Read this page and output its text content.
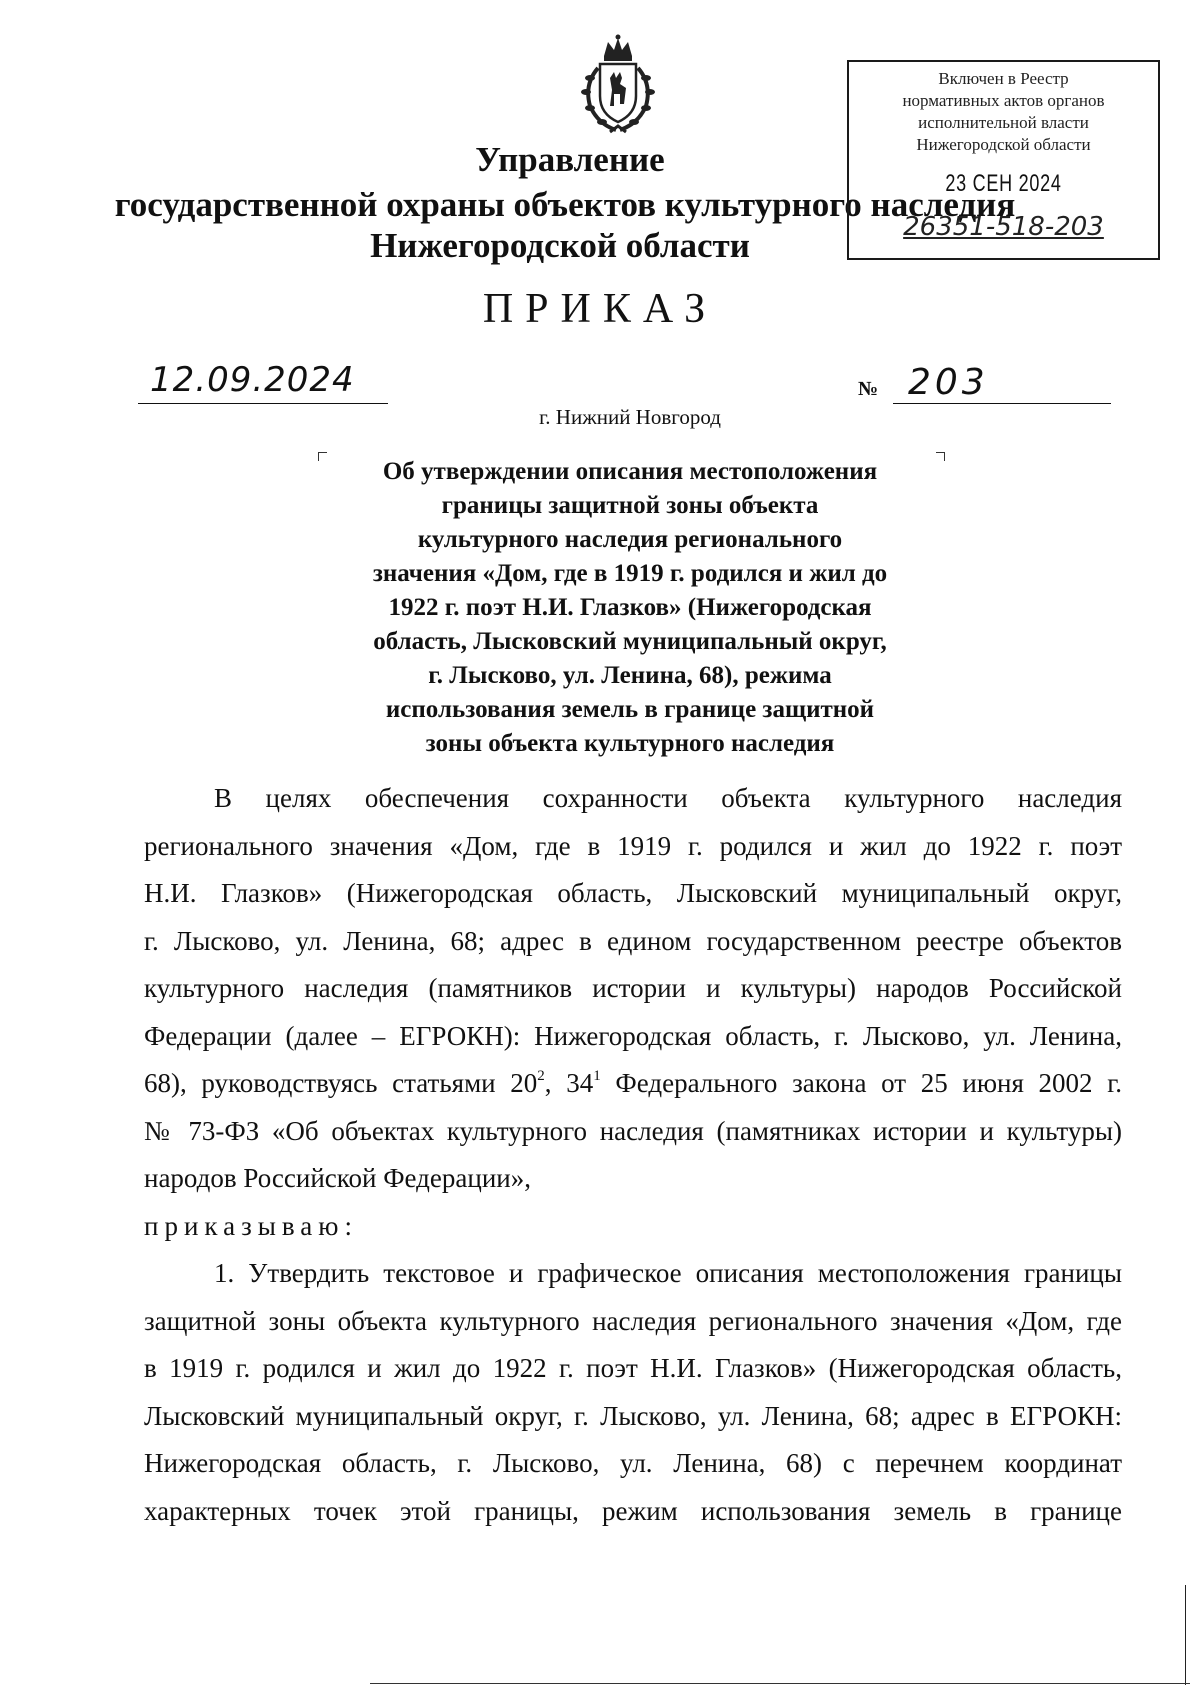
Управление
государственной охраны объектов культурного наследия
Нижегородской области
Включен в Реестр
нормативных актов органов
исполнительной власти
Нижегородской области
23 СЕН 2024
26351-518-203
ПРИКАЗ
12.09.2024	№ 203
г. Нижний Новгород
Об утверждении описания местоположения
границы защитной зоны объекта
культурного наследия регионального
значения «Дом, где в 1919 г. родился и жил до
1922 г. поэт Н.И. Глазков» (Нижегородская
область, Лысковский муниципальный округ,
г. Лысково, ул. Ленина, 68), режима
использования земель в границе защитной
зоны объекта культурного наследия
В целях обеспечения сохранности объекта культурного наследия
регионального значения «Дом, где в 1919 г. родился и жил до 1922 г. поэт
Н.И. Глазков» (Нижегородская область, Лысковский муниципальный округ,
г. Лысково, ул. Ленина, 68; адрес в едином государственном реестре объектов
культурного наследия (памятников истории и культуры) народов Российской
Федерации (далее – ЕГРОКН): Нижегородская область, г. Лысково, ул. Ленина,
68), руководствуясь статьями $20^2$, $34^1$ Федерального закона от 25 июня 2002 г.
№ 73-ФЗ «Об объектах культурного наследия (памятниках истории и культуры)
народов Российской Федерации»,
приказываю:
1. Утвердить текстовое и графическое описания местоположения границы
защитной зоны объекта культурного наследия регионального значения «Дом, где
в 1919 г. родился и жил до 1922 г. поэт Н.И. Глазков» (Нижегородская область,
Лысковский муниципальный округ, г. Лысково, ул. Ленина, 68; адрес в ЕГРОКН:
Нижегородская область, г. Лысково, ул. Ленина, 68) с перечнем координат
характерных точек этой границы, режим использования земель в границе
